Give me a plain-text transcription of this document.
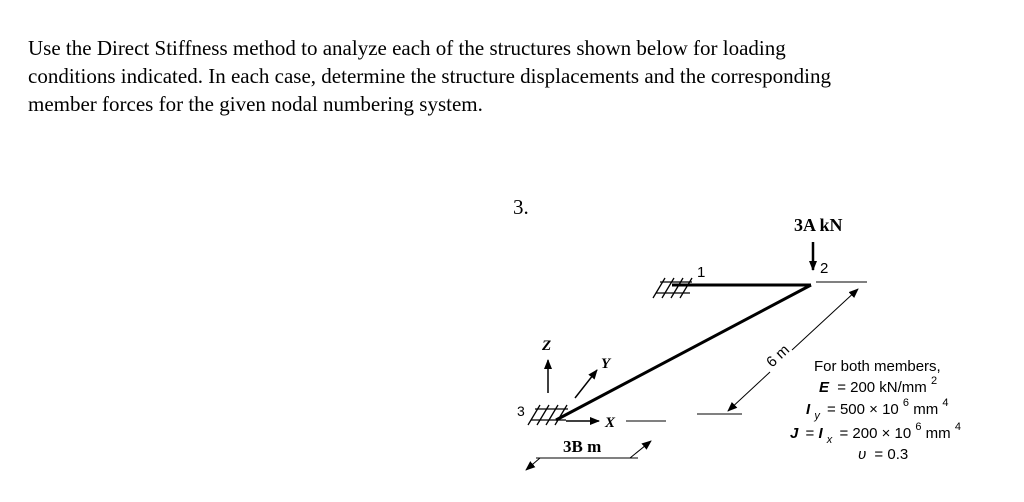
Use the Direct Stiffness method to analyze each of the structures shown below for loading
conditions indicated. In each case, determine the structure displacements and the corresponding
member forces for the given nodal numbering system.
3.
1
3A kN
2
3
Z
Y
X
6 m
3B m
For both members,
E = 200 kN/mm $^2$
I $_y$ = 500 × 10 $^6$ mm $^4$
J = I $_x$ = 200 × 10 $^6$ mm $^4$
υ = 0.3
